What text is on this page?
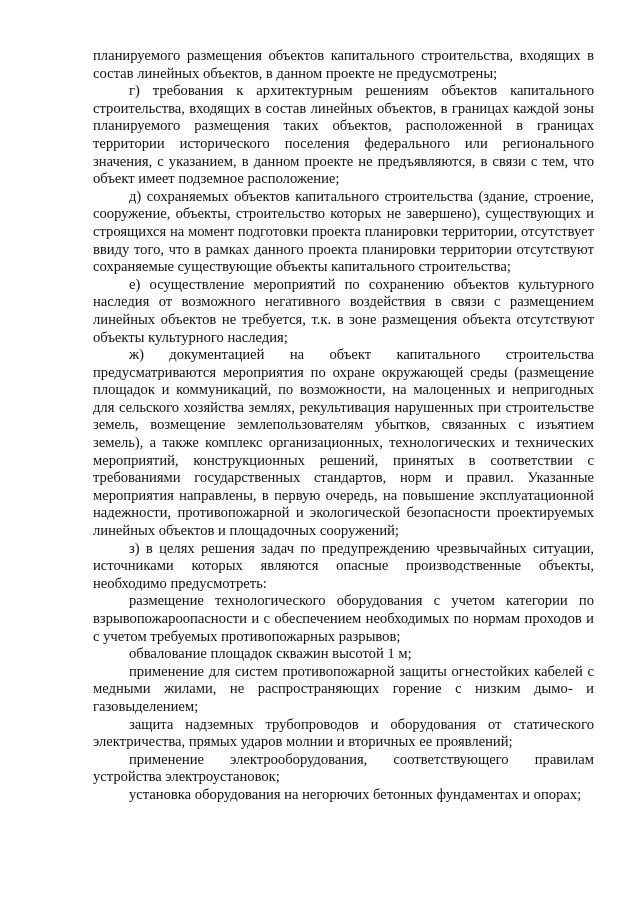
планируемого размещения объектов капитального строительства, входящих в состав линейных объектов, в данном проекте не предусмотрены;

г) требования к архитектурным решениям объектов капитального строительства, входящих в состав линейных объектов, в границах каждой зоны планируемого размещения таких объектов, расположенной в границах территории исторического поселения федерального или регионального значения, с указанием, в данном проекте не предъявляются, в связи с тем, что объект имеет подземное расположение;

д) сохраняемых объектов капитального строительства (здание, строение, сооружение, объекты, строительство которых не завершено), существующих и строящихся на момент подготовки проекта планировки территории, отсутствует ввиду того, что в рамках данного проекта планировки территории отсутствуют сохраняемые существующие объекты капитального строительства;

е) осуществление мероприятий по сохранению объектов культурного наследия от возможного негативного воздействия в связи с размещением линейных объектов не требуется, т.к. в зоне размещения объекта отсутствуют объекты культурного наследия;

ж) документацией на объект капитального строительства предусматриваются мероприятия по охране окружающей среды (размещение площадок и коммуникаций, по возможности, на малоценных и непригодных для сельского хозяйства землях, рекультивация нарушенных при строительстве земель, возмещение землепользователям убытков, связанных с изъятием земель), а также комплекс организационных, технологических и технических мероприятий, конструкционных решений, принятых в соответствии с требованиями государственных стандартов, норм и правил. Указанные мероприятия направлены, в первую очередь, на повышение эксплуатационной надежности, противопожарной и экологической безопасности проектируемых линейных объектов и площадочных сооружений;

з) в целях решения задач по предупреждению чрезвычайных ситуации, источниками которых являются опасные производственные объекты, необходимо предусмотреть:

размещение технологического оборудования с учетом категории по взрывопожароопасности и с обеспечением необходимых по нормам проходов и с учетом требуемых противопожарных разрывов;

обвалование площадок скважин высотой 1 м;

применение для систем противопожарной защиты огнестойких кабелей с медными жилами, не распространяющих горение с низким дымо- и газовыделением;

защита надземных трубопроводов и оборудования от статического электричества, прямых ударов молнии и вторичных ее проявлений;

применение электрооборудования, соответствующего правилам устройства электроустановок;

установка оборудования на негорючих бетонных фундаментах и опорах;
